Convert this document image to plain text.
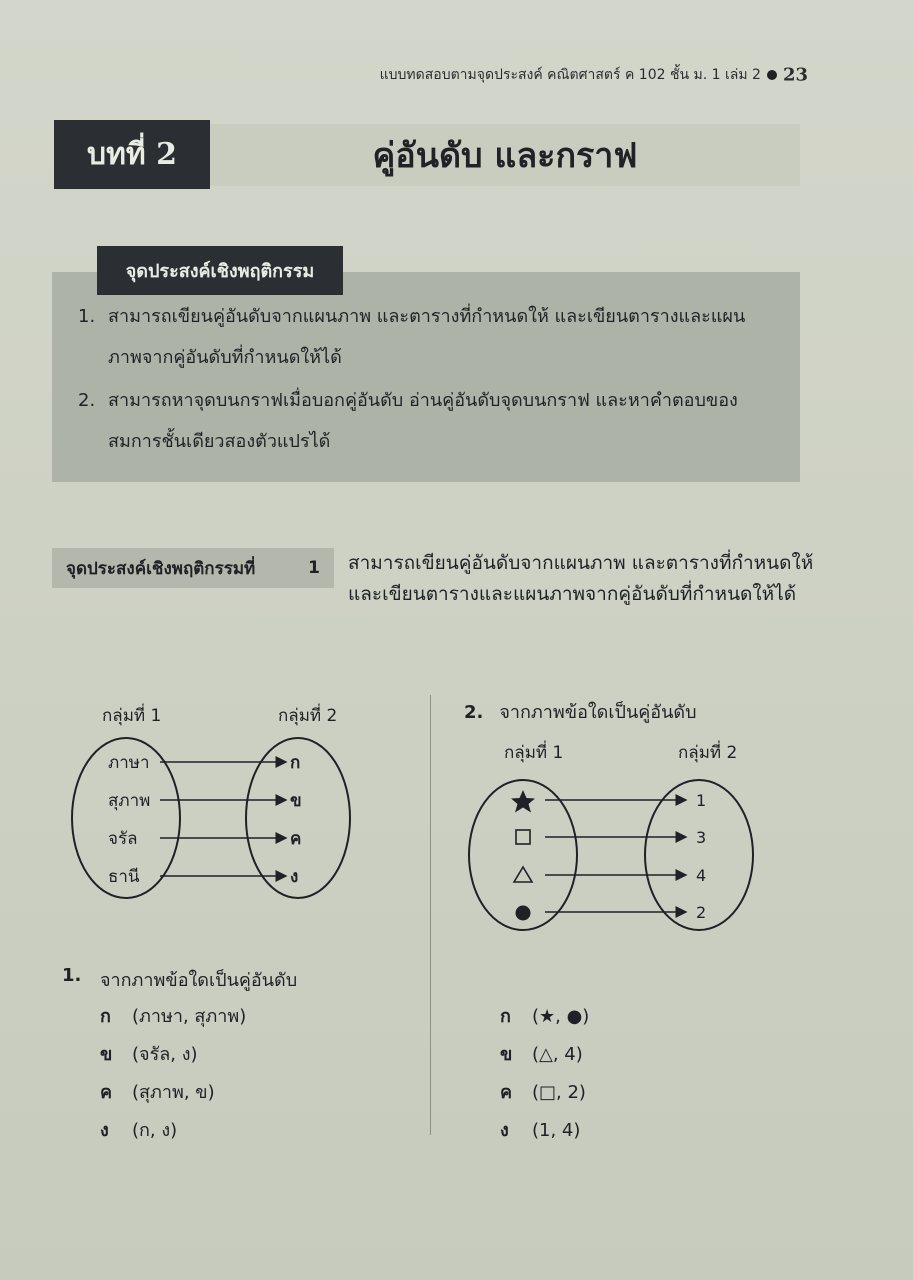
แบบทดสอบตามจุดประสงค์ คณิตศาสตร์ ค 102 ชั้น ม. 1 เล่ม 2 23
บทที่ 2	คู่อันดับ และกราฟ
จุดประสงค์เชิงพฤติกรรม
1. สามารถเขียนคู่อันดับจากแผนภาพ และตารางที่กำหนดให้ และเขียนตารางและแผน
ภาพจากคู่อันดับที่กำหนดให้ได้
2. สามารถหาจุดบนกราฟเมื่อบอกคู่อันดับ อ่านคู่อันดับจุดบนกราฟ และหาคำตอบของ
สมการชั้นเดียวสองตัวแปรได้
จุดประสงค์เชิงพฤติกรรมที่	1 สามารถเขียนคู่อันดับจากแผนภาพ และตารางที่กำหนดให้และเขียนตารางและแผนภาพจากคู่อันดับที่กำหนดให้ได้
กลุ่มที่ 1	กลุ่มที่ 2
ภาษา
สุภาพ
จรัล
ธานี
ก
ข
ค
ง
2. จากภาพข้อใดเป็นคู่อันดับ
กลุ่มที่ 1	กลุ่มที่ 2
1
3
4
2
1. จากภาพข้อใดเป็นคู่อันดับ
ก (ภาษา, สุภาพ)
ข (จรัล, ง)
ค (สุภาพ, ข)
ง (ก, ง)
ก (★, ●)
ข (△, 4)
ค (□, 2)
ง (1, 4)
